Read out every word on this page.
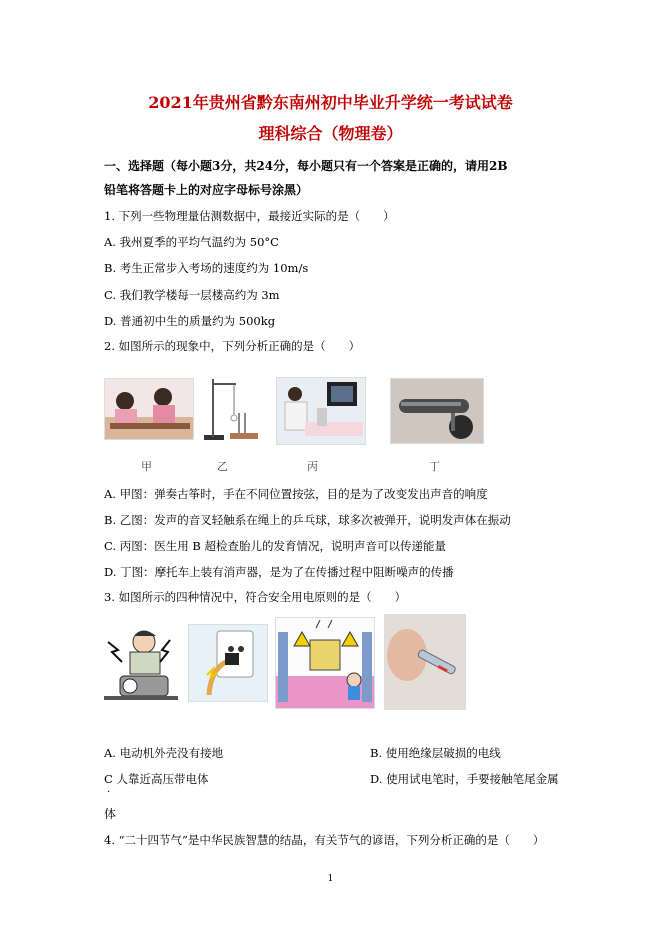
2021年贵州省黔东南州初中毕业升学统一考试试卷
理科综合（物理卷）
一、选择题（每小题3分，共24分，每小题只有一个答案是正确的，请用2B
铅笔将答题卡上的对应字母标号涂黑）
1. 下列一些物理量估测数据中，最接近实际的是（　　）
A. 我州夏季的平均气温约为 50°C
B. 考生正常步入考场的速度约为 10m/s
C. 我们教学楼每一层楼高约为 3m
D. 普通初中生的质量约为 500kg
2. 如图所示的现象中，下列分析正确的是（　　）
甲	乙	丙	丁
A. 甲图：弹奏古筝时，手在不同位置按弦，目的是为了改变发出声音的响度
B. 乙图：发声的音叉轻触系在绳上的乒乓球，球多次被弹开，说明发声体在振动
C. 丙图：医生用 B 超检查胎儿的发育情况，说明声音可以传递能量
D. 丁图：摩托车上装有消声器，是为了在传播过程中阻断噪声的传播
3. 如图所示的四种情况中，符合安全用电原则的是（　　）
A. 电动机外壳没有接地	B. 使用绝缘层破损的电线
C 人靠近高压带电体	D. 使用试电笔时，手要接触笔尾金属
·
体
4. “二十四节气”是中华民族智慧的结晶，有关节气的谚语，下列分析正确的是（　　）
1
